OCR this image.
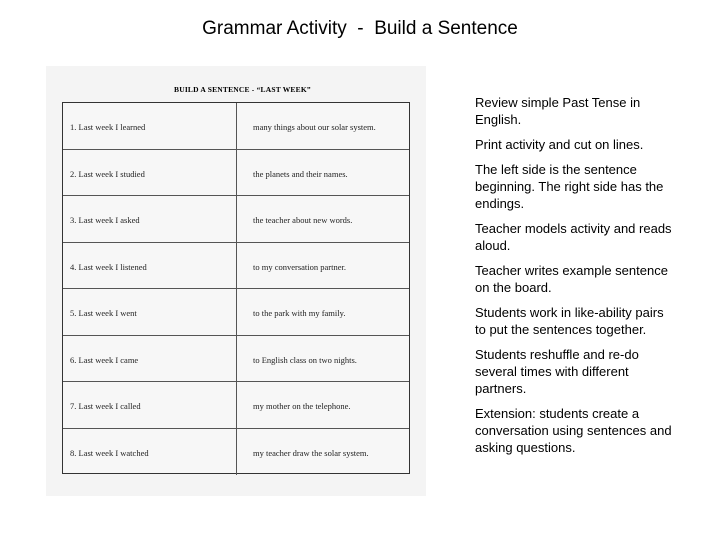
Grammar Activity  -  Build a Sentence
BUILD A SENTENCE - “LAST WEEK”
1. Last week I learned	many things about our solar system.
2. Last week I studied	the planets and their names.
3. Last week I asked	the teacher about new words.
4. Last week I listened	to my conversation partner.
5. Last week I went	to the park with my family.
6. Last week I came	to English class on two nights.
7. Last week I called	my mother on the telephone.
8. Last week I watched	my teacher draw the solar system.

Review simple Past Tense in English.

Print activity and cut on lines.

The left side is the sentence beginning. The right side has the endings.

Teacher models activity and reads aloud.

Teacher writes example sentence on the board.

Students work in like-ability pairs to put the sentences together.

Students reshuffle and re-do several times with different partners.

Extension: students create a conversation using sentences and asking questions.
